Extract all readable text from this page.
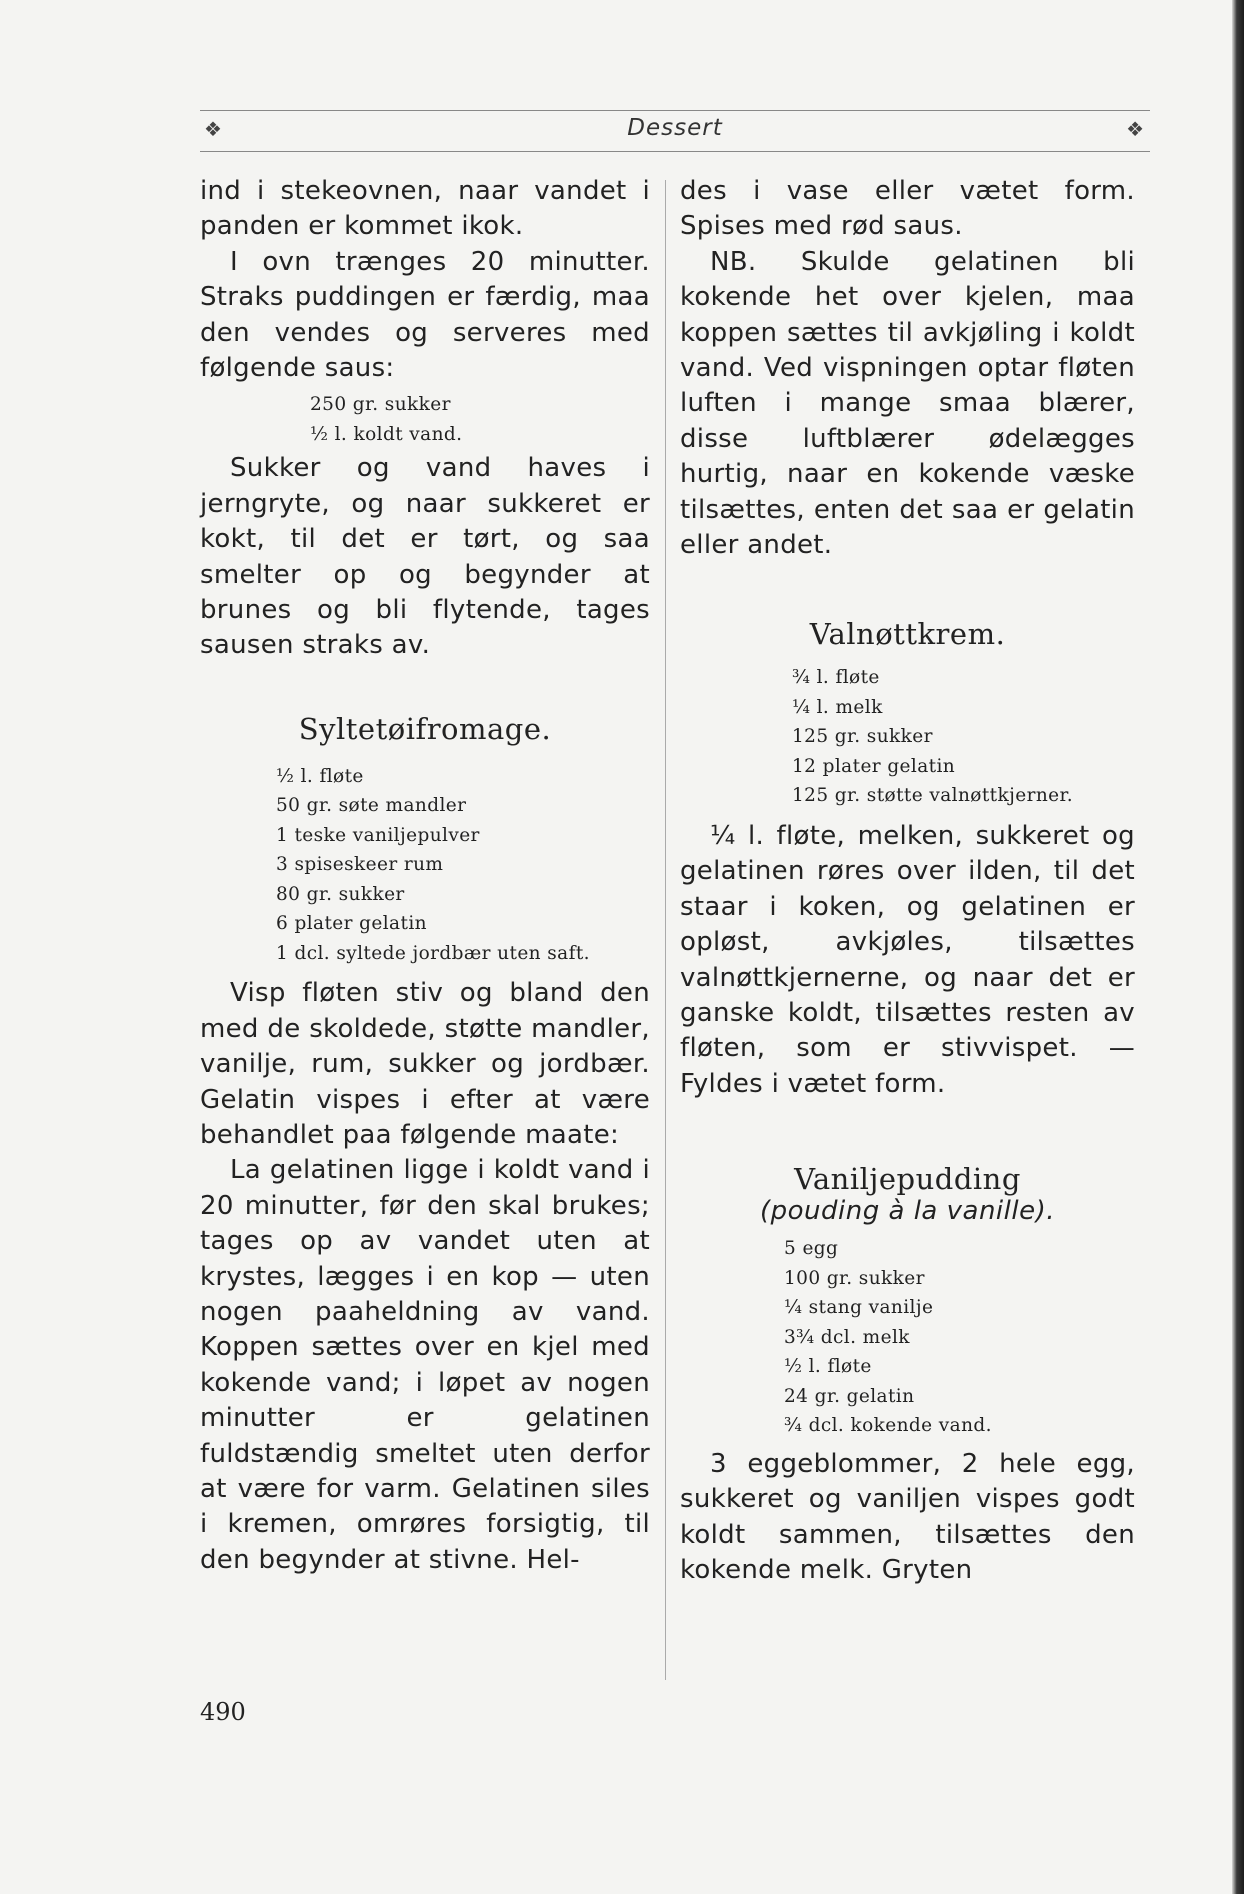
❖	Dessert	❖

ind i stekeovnen, naar vandet i panden er kommet ikok.

I ovn trænges 20 minutter. Straks puddingen er færdig, maa den vendes og serveres med følgende saus:

250 gr. sukker
½ l. koldt vand.

Sukker og vand haves i jerngryte, og naar sukkeret er kokt, til det er tørt, og saa smelter op og begynder at brunes og bli flytende, tages sausen straks av.

Syltetøifromage.
½ l. fløte
50 gr. søte mandler
1 teske vaniljepulver
3 spiseskeer rum
80 gr. sukker
6 plater gelatin
1 dcl. syltede jordbær uten saft.

Visp fløten stiv og bland den med de skoldede, støtte mandler, vanilje, rum, sukker og jordbær. Gelatin vispes i efter at være behandlet paa følgende maate:

La gelatinen ligge i koldt vand i 20 minutter, før den skal brukes; tages op av vandet uten at krystes, lægges i en kop — uten nogen paaheldning av vand. Koppen sættes over en kjel med kokende vand; i løpet av nogen minutter er gelatinen fuldstændig smeltet uten derfor at være for varm. Gelatinen siles i kremen, omrøres forsigtig, til den begynder at stivne. Hel-

des i vase eller vætet form. Spises med rød saus.

NB. Skulde gelatinen bli kokende het over kjelen, maa koppen sættes til avkjøling i koldt vand. Ved vispningen optar fløten luften i mange smaa blærer, disse luftblærer ødelægges hurtig, naar en kokende væske tilsættes, enten det saa er gelatin eller andet.

Valnøttkrem.
¾ l. fløte
¼ l. melk
125 gr. sukker
12 plater gelatin
125 gr. støtte valnøttkjerner.

¼ l. fløte, melken, sukkeret og gelatinen røres over ilden, til det staar i koken, og gelatinen er opløst, avkjøles, tilsættes valnøttkjernerne, og naar det er ganske koldt, tilsættes resten av fløten, som er stivvispet. — Fyldes i vætet form.

Vaniljepudding
(pouding à la vanille).
5 egg
100 gr. sukker
¼ stang vanilje
3¾ dcl. melk
½ l. fløte
24 gr. gelatin
¾ dcl. kokende vand.

3 eggeblommer, 2 hele egg, sukkeret og vaniljen vispes godt koldt sammen, tilsættes den kokende melk. Gryten

490
